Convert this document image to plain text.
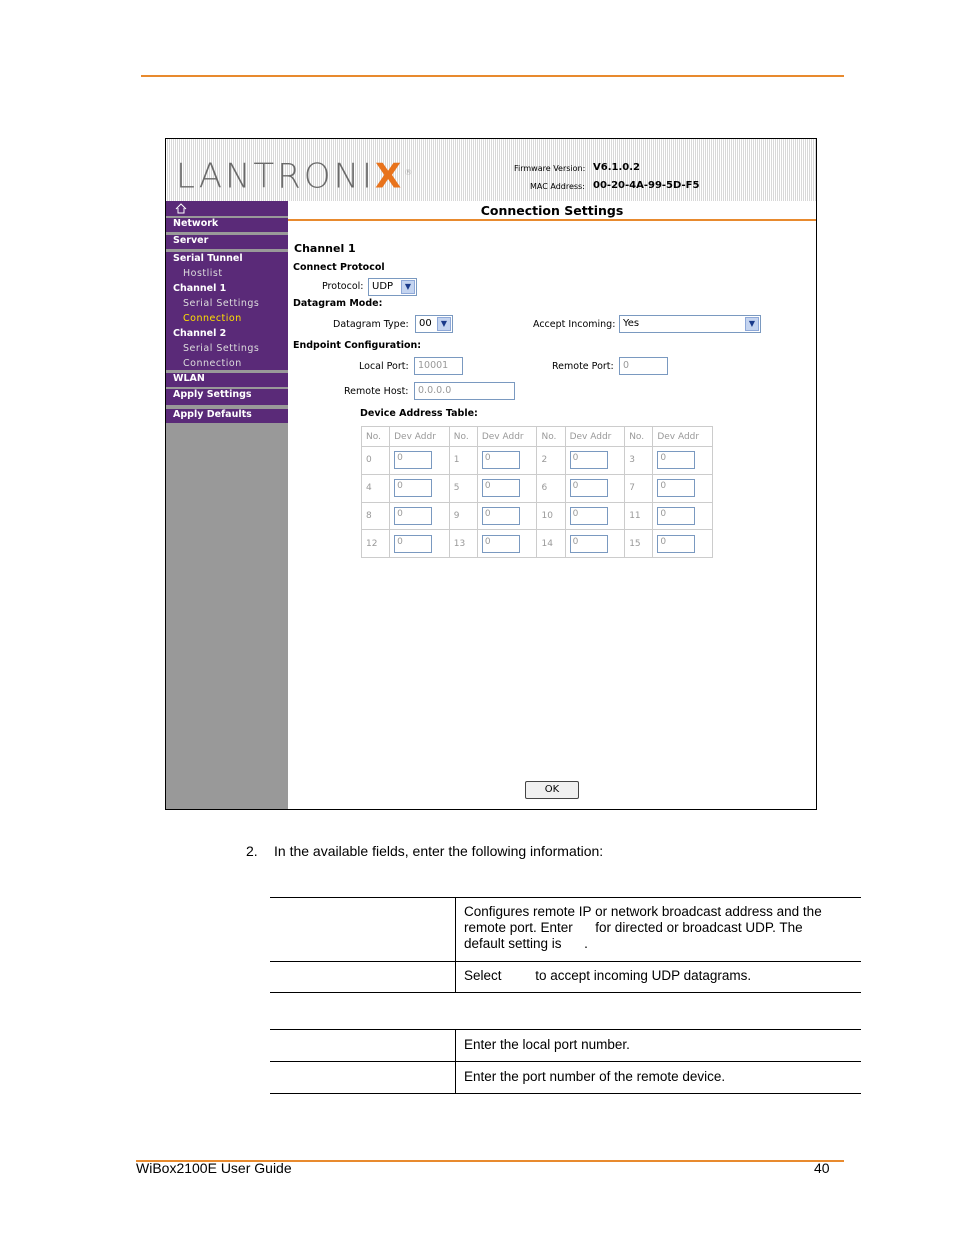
LANTRONIX®	Firmware Version: V6.1.0.2
MAC Address: 00-20-4A-99-5D-F5
Network
Server
Serial Tunnel
Hostlist
Channel 1
Serial Settings
Connection
Channel 2
Serial Settings
Connection
WLAN
Apply Settings
Apply Defaults
Connection Settings
Channel 1
Connect Protocol
Protocol: UDP	▼
Datagram Mode:
Datagram Type:	00	▼	Accept Incoming: Yes	▼
Endpoint Configuration:
Local Port: 10001	Remote Port: 0
Remote Host: 0.0.0.0
Device Address Table:
No.	Dev Addr	No.	Dev Addr	No.	Dev Addr	No.	Dev Addr
0	0	1	0	2	0	3	0
4	0	5	0	6	0	7	0
8	0	9	0	10	0	11	0
12	0	13	0	14	0	15	0
OK
2. In the available fields, enter the following information:
Configures remote IP or network broadcast address and the
remote port. Enter      for directed or broadcast UDP. The
default setting is      .
Select         to accept incoming UDP datagrams.
Enter the local port number.
Enter the port number of the remote device.
WiBox2100E User Guide	40
